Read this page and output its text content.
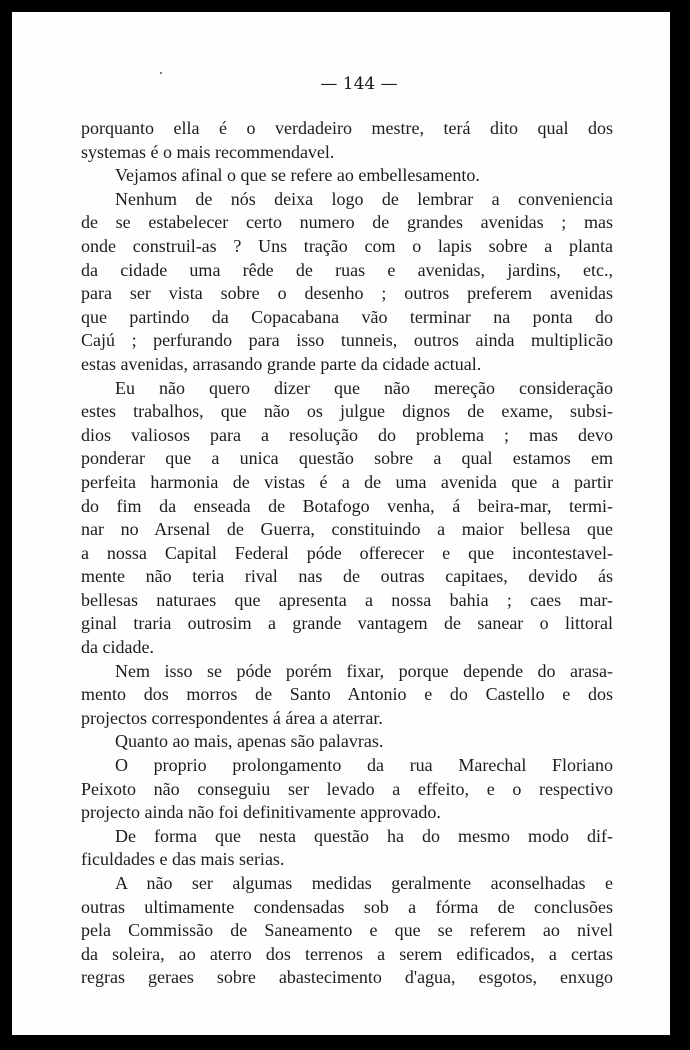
— 144 —

porquanto ella é o verdadeiro mestre, terá dito qual dos

systemas é o mais recommendavel.

Vejamos afinal o que se refere ao embellesamento.

Nenhum de nós deixa logo de lembrar a conveniencia

de se estabelecer certo numero de grandes avenidas ; mas

onde construil-as ? Uns tração com o lapis sobre a planta

da cidade uma rêde de ruas e avenidas, jardins, etc.,

para ser vista sobre o desenho ; outros preferem avenidas

que partindo da Copacabana vão terminar na ponta do

Cajú ; perfurando para isso tunneis, outros ainda multiplicão

estas avenidas, arrasando grande parte da cidade actual.

Eu não quero dizer que não mereção consideração

estes trabalhos, que não os julgue dignos de exame, subsi-

dios valiosos para a resolução do problema ; mas devo

ponderar que a unica questão sobre a qual estamos em

perfeita harmonia de vistas é a de uma avenida que a partir

do fim da enseada de Botafogo venha, á beira-mar, termi-

nar no Arsenal de Guerra, constituindo a maior bellesa que

a nossa Capital Federal póde offerecer e que incontestavel-

mente não teria rival nas de outras capitaes, devido ás

bellesas naturaes que apresenta a nossa bahia ; caes mar-

ginal traria outrosim a grande vantagem de sanear o littoral

da cidade.

Nem isso se póde porém fixar, porque depende do arasa-

mento dos morros de Santo Antonio e do Castello e dos

projectos correspondentes á área a aterrar.

Quanto ao mais, apenas são palavras.

O proprio prolongamento da rua Marechal Floriano

Peixoto não conseguiu ser levado a effeito, e o respectivo

projecto ainda não foi definitivamente approvado.

De forma que nesta questão ha do mesmo modo dif-

ficuldades e das mais serias.

A não ser algumas medidas geralmente aconselhadas e

outras ultimamente condensadas sob a fórma de conclusões

pela Commissão de Saneamento e que se referem ao nivel

da soleira, ao aterro dos terrenos a serem edificados, a certas

regras geraes sobre abastecimento d'agua, esgotos, enxugo
